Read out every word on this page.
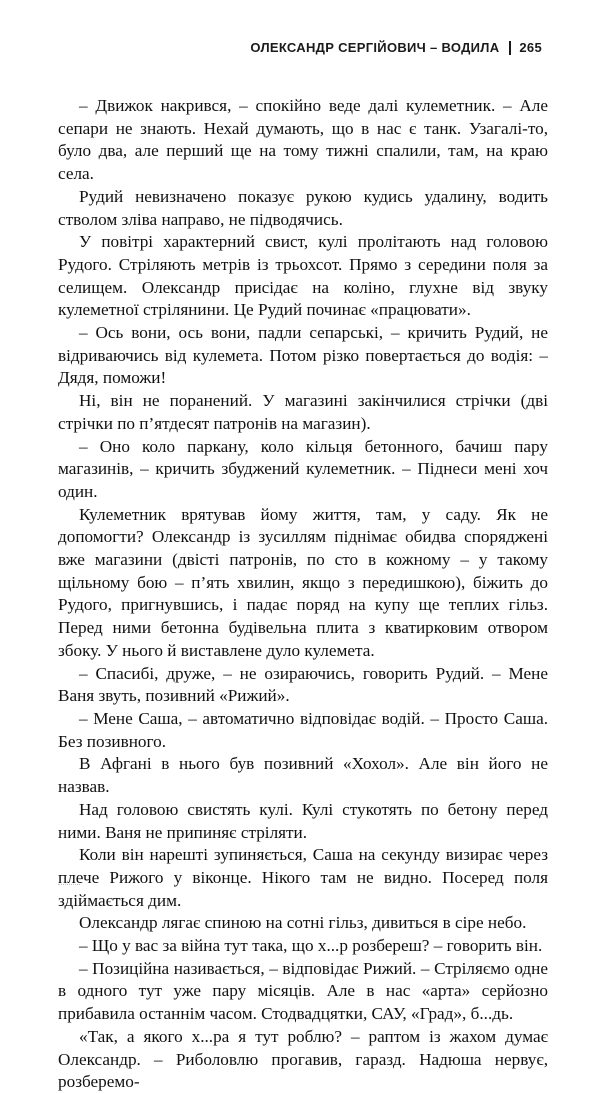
ОЛЕКСАНДР СЕРГІЙОВИЧ – ВОДИЛА 265

– Движок накрився, – спокійно веде далі кулеметник. – Але сепари не знають. Нехай думають, що в нас є танк. Узагалі-то, було два, але перший ще на тому тижні спалили, там, на краю села.

Рудий невизначено показує рукою кудись удалину, водить стволом зліва направо, не підводячись.

У повітрі характерний свист, кулі пролітають над головою Рудого. Стріляють метрів із трьохсот. Прямо з середини поля за селищем. Олександр присідає на коліно, глухне від звуку кулеметної стрілянини. Це Рудий починає «працювати».

– Ось вони, ось вони, падли сепарські, – кричить Рудий, не відриваючись від кулемета. Потом різко повертається до водія: – Дядя, поможи!

Ні, він не поранений. У магазині закінчилися стрічки (дві стрічки по п’ятдесят патронів на магазин).

– Оно коло паркану, коло кільця бетонного, бачиш пару магазинів, – кричить збуджений кулеметник. – Піднеси мені хоч один.

Кулеметник врятував йому життя, там, у саду. Як не допомогти? Олександр із зусиллям піднімає обидва споряджені вже магазини (двісті патронів, по сто в кожному – у такому щільному бою – п’ять хвилин, якщо з передишкою), біжить до Рудого, пригнувшись, і падає поряд на купу ще теплих гільз. Перед ними бетонна будівельна плита з кватирковим отвором збоку. У нього й виставлене дуло кулемета.

– Спасибі, друже, – не озираючись, говорить Рудий. – Мене Ваня звуть, позивний «Рижий».

– Мене Саша, – автоматично відповідає водій. – Просто Саша. Без позивного.

В Афгані в нього був позивний «Хохол». Але він його не назвав.

Над головою свистять кулі. Кулі стукотять по бетону перед ними. Ваня не припиняє стріляти.

Коли він нарешті зупиняється, Саша на секунду визирає через плече Рижого у віконце. Нікого там не видно. Посеред поля здіймається дим.

Олександр лягає спиною на сотні гільз, дивиться в сіре небо.

– Що у вас за війна тут така, що х...р розбереш? – говорить він.

– Позиційна називається, – відповідає Рижий. – Стріляємо одне в одного тут уже пару місяців. Але в нас «арта» серйозно прибавила останнім часом. Стодвадцятки, САУ, «Град», б...дь.

«Так, а якого х...ра я тут роблю? – раптом із жахом думає Олександр. – Риболовлю прогавив, гаразд. Надюша нервує, розберемо-
